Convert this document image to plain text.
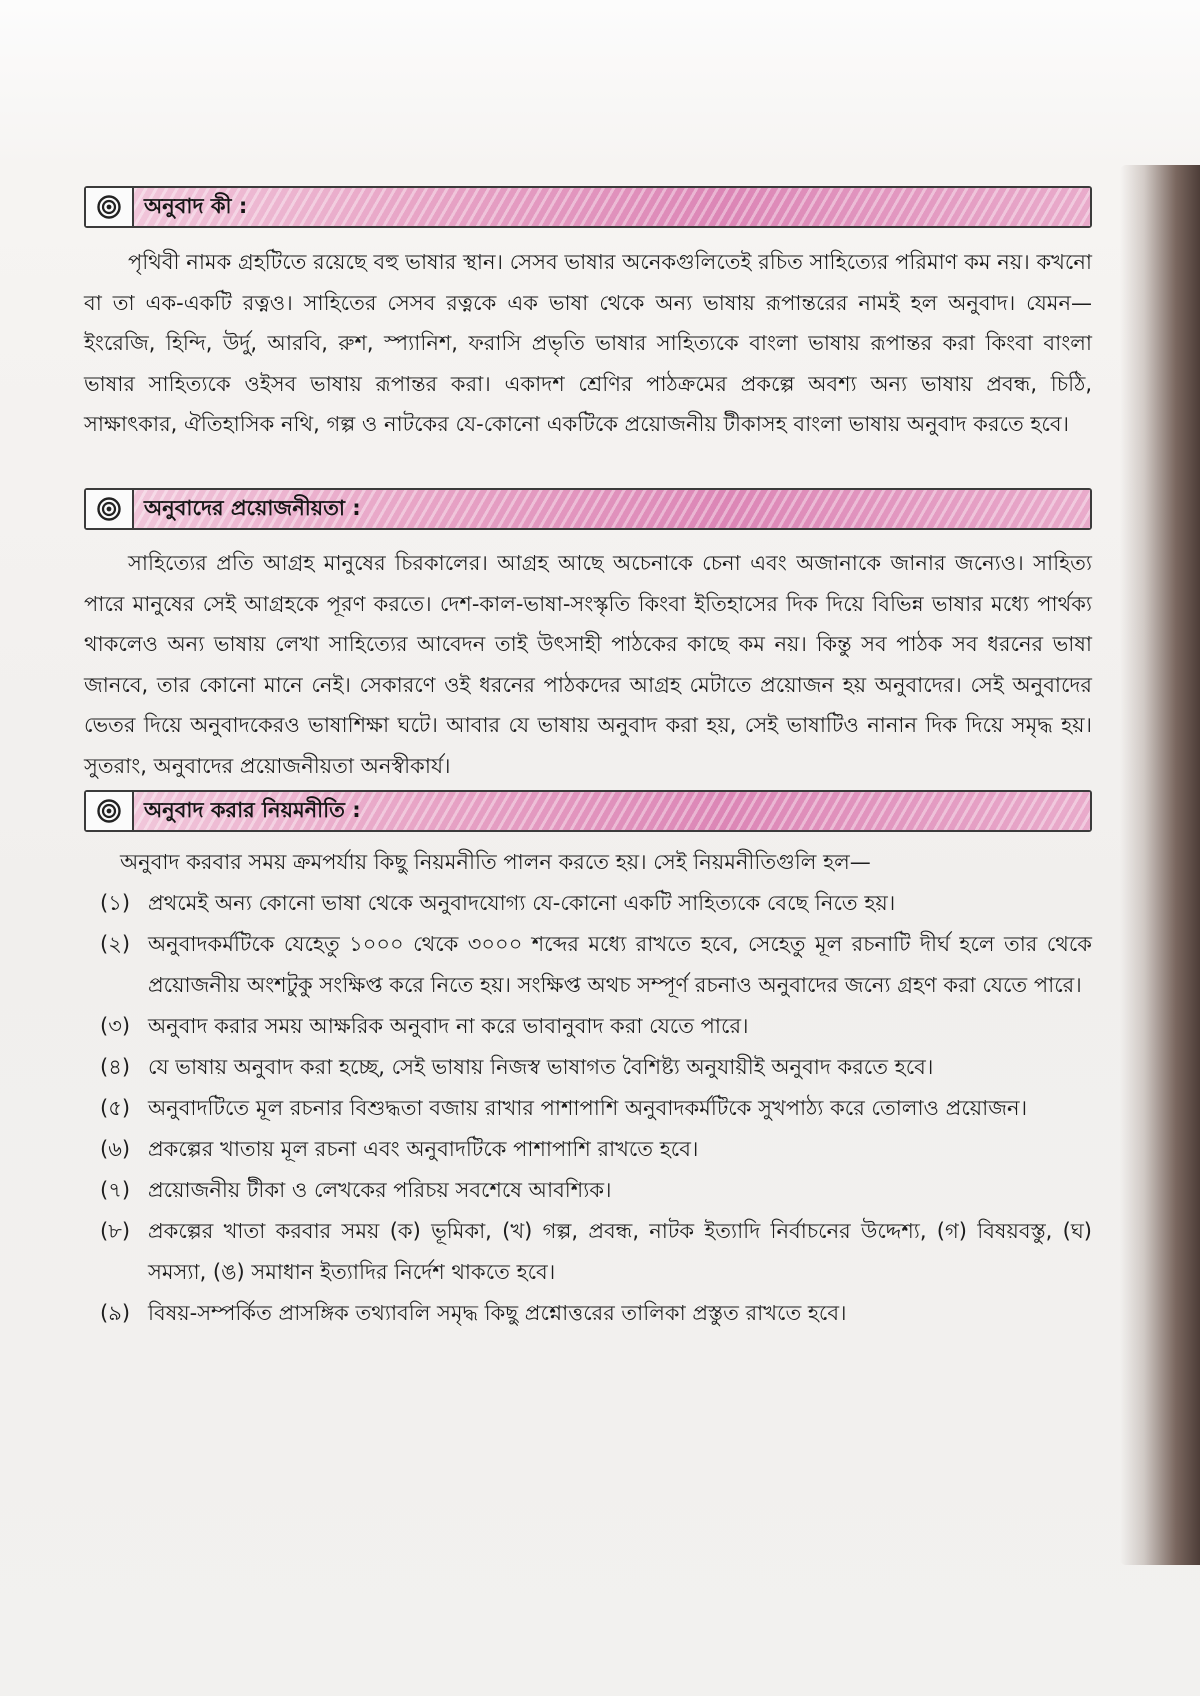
অনুবাদ কী :

পৃথিবী নামক গ্রহটিতে রয়েছে বহু ভাষার স্থান। সেসব ভাষার অনেকগুলিতেই রচিত সাহিত্যের পরিমাণ কম নয়। কখনো বা তা এক-একটি রত্নও। সাহিতের সেসব রত্নকে এক ভাষা থেকে অন্য ভাষায় রূপান্তরের নামই হল অনুবাদ। যেমন—ইংরেজি, হিন্দি, উর্দু, আরবি, রুশ, স্প্যানিশ, ফরাসি প্রভৃতি ভাষার সাহিত্যকে বাংলা ভাষায় রূপান্তর করা কিংবা বাংলা ভাষার সাহিত্যকে ওইসব ভাষায় রূপান্তর করা। একাদশ শ্রেণির পাঠক্রমের প্রকল্পে অবশ্য অন্য ভাষায় প্রবন্ধ, চিঠি, সাক্ষাৎকার, ঐতিহাসিক নথি, গল্প ও নাটকের যে-কোনো একটিকে প্রয়োজনীয় টীকাসহ বাংলা ভাষায় অনুবাদ করতে হবে।

অনুবাদের প্রয়োজনীয়তা :

সাহিত্যের প্রতি আগ্রহ মানুষের চিরকালের। আগ্রহ আছে অচেনাকে চেনা এবং অজানাকে জানার জন্যেও। সাহিত্য পারে মানুষের সেই আগ্রহকে পূরণ করতে। দেশ-কাল-ভাষা-সংস্কৃতি কিংবা ইতিহাসের দিক দিয়ে বিভিন্ন ভাষার মধ্যে পার্থক্য থাকলেও অন্য ভাষায় লেখা সাহিত্যের আবেদন তাই উৎসাহী পাঠকের কাছে কম নয়। কিন্তু সব পাঠক সব ধরনের ভাষা জানবে, তার কোনো মানে নেই। সেকারণে ওই ধরনের পাঠকদের আগ্রহ মেটাতে প্রয়োজন হয় অনুবাদের। সেই অনুবাদের ভেতর দিয়ে অনুবাদকেরও ভাষাশিক্ষা ঘটে। আবার যে ভাষায় অনুবাদ করা হয়, সেই ভাষাটিও নানান দিক দিয়ে সমৃদ্ধ হয়। সুতরাং, অনুবাদের প্রয়োজনীয়তা অনস্বীকার্য।

অনুবাদ করার নিয়মনীতি :

অনুবাদ করবার সময় ক্রমপর্যায় কিছু নিয়মনীতি পালন করতে হয়। সেই নিয়মনীতিগুলি হল—

(১) প্রথমেই অন্য কোনো ভাষা থেকে অনুবাদযোগ্য যে-কোনো একটি সাহিত্যকে বেছে নিতে হয়।
(২) অনুবাদকর্মটিকে যেহেতু ১০০০ থেকে ৩০০০ শব্দের মধ্যে রাখতে হবে, সেহেতু মূল রচনাটি দীর্ঘ হলে তার থেকে প্রয়োজনীয় অংশটুকু সংক্ষিপ্ত করে নিতে হয়। সংক্ষিপ্ত অথচ সম্পূর্ণ রচনাও অনুবাদের জন্যে গ্রহণ করা যেতে পারে।
(৩) অনুবাদ করার সময় আক্ষরিক অনুবাদ না করে ভাবানুবাদ করা যেতে পারে।
(৪) যে ভাষায় অনুবাদ করা হচ্ছে, সেই ভাষায় নিজস্ব ভাষাগত বৈশিষ্ট্য অনুযায়ীই অনুবাদ করতে হবে।
(৫) অনুবাদটিতে মূল রচনার বিশুদ্ধতা বজায় রাখার পাশাপাশি অনুবাদকর্মটিকে সুখপাঠ্য করে তোলাও প্রয়োজন।
(৬) প্রকল্পের খাতায় মূল রচনা এবং অনুবাদটিকে পাশাপাশি রাখতে হবে।
(৭) প্রয়োজনীয় টীকা ও লেখকের পরিচয় সবশেষে আবশ্যিক।
(৮) প্রকল্পের খাতা করবার সময় (ক) ভূমিকা, (খ) গল্প, প্রবন্ধ, নাটক ইত্যাদি নির্বাচনের উদ্দেশ্য, (গ) বিষয়বস্তু, (ঘ) সমস্যা, (ঙ) সমাধান ইত্যাদির নির্দেশ থাকতে হবে।
(৯) বিষয়-সম্পর্কিত প্রাসঙ্গিক তথ্যাবলি সমৃদ্ধ কিছু প্রশ্নোত্তরের তালিকা প্রস্তুত রাখতে হবে।
